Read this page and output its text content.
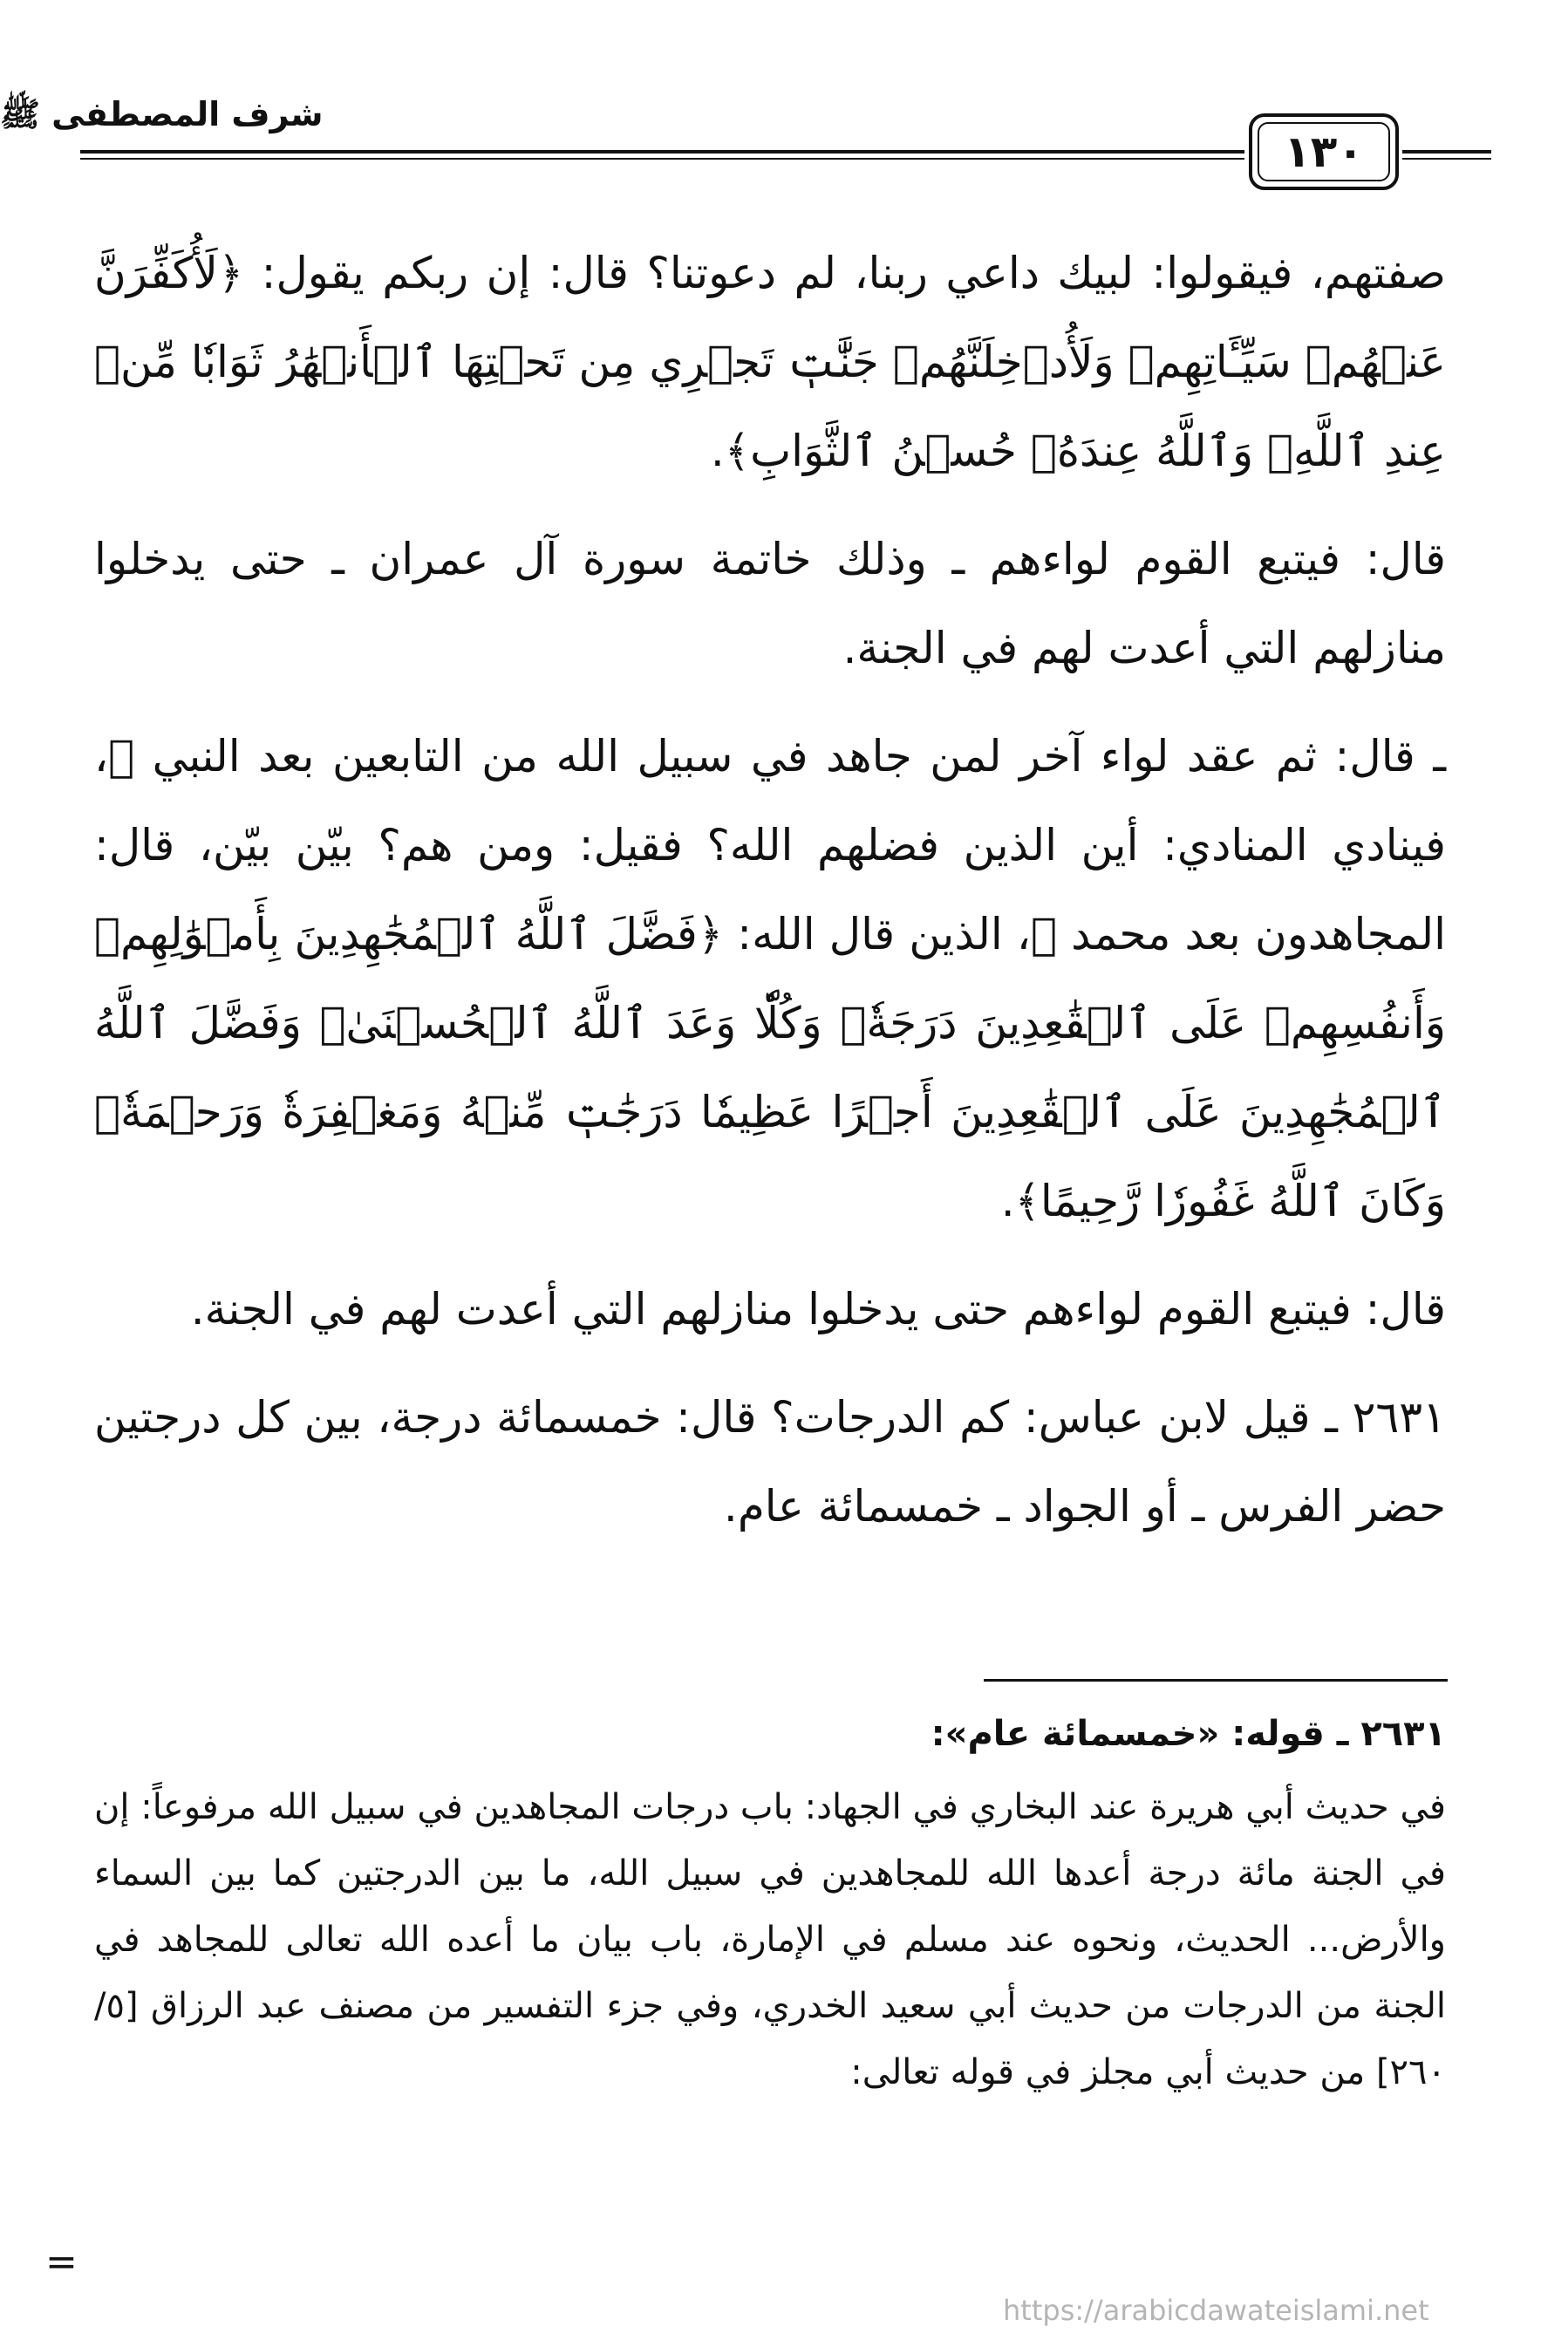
شرف المصطفى ﷺ
١٣٠

صفتهم، فيقولوا: لبيك داعي ربنا، لم دعوتنا؟ قال: إن ربكم يقول: ﴿لَأُكَفِّرَنَّ عَنۡهُمۡ سَيِّـَٔاتِهِمۡ وَلَأُدۡخِلَنَّهُمۡ جَنَّٰتٖ تَجۡرِي مِن تَحۡتِهَا ٱلۡأَنۡهَٰرُ ثَوَابٗا مِّنۡ عِندِ ٱللَّهِۚ وَٱللَّهُ عِندَهُۥ حُسۡنُ ٱلثَّوَابِ﴾.

قال: فيتبع القوم لواءهم ـ وذلك خاتمة سورة آل عمران ـ حتى يدخلوا منازلهم التي أعدت لهم في الجنة.

ـ قال: ثم عقد لواء آخر لمن جاهد في سبيل الله من التابعين بعد النبي ﷺ، فينادي المنادي: أين الذين فضلهم الله؟ فقيل: ومن هم؟ بيّن بيّن، قال: المجاهدون بعد محمد ﷺ، الذين قال الله: ﴿فَضَّلَ ٱللَّهُ ٱلۡمُجَٰهِدِينَ بِأَمۡوَٰلِهِمۡ وَأَنفُسِهِمۡ عَلَى ٱلۡقَٰعِدِينَ دَرَجَةٗۚ وَكُلّٗا وَعَدَ ٱللَّهُ ٱلۡحُسۡنَىٰۚ وَفَضَّلَ ٱللَّهُ ٱلۡمُجَٰهِدِينَ عَلَى ٱلۡقَٰعِدِينَ أَجۡرًا عَظِيمٗا دَرَجَٰتٖ مِّنۡهُ وَمَغۡفِرَةٗ وَرَحۡمَةٗۚ وَكَانَ ٱللَّهُ غَفُورٗا رَّحِيمًا﴾.

قال: فيتبع القوم لواءهم حتى يدخلوا منازلهم التي أعدت لهم في الجنة.

٢٦٣١ ـ قيل لابن عباس: كم الدرجات؟ قال: خمسمائة درجة، بين كل درجتين حضر الفرس ـ أو الجواد ـ خمسمائة عام.

٢٦٣١ ـ قوله: «خمسمائة عام»:

في حديث أبي هريرة عند البخاري في الجهاد: باب درجات المجاهدين في سبيل الله مرفوعاً: إن في الجنة مائة درجة أعدها الله للمجاهدين في سبيل الله، ما بين الدرجتين كما بين السماء والأرض... الحديث، ونحوه عند مسلم في الإمارة، باب بيان ما أعده الله تعالى للمجاهد في الجنة من الدرجات من حديث أبي سعيد الخدري، وفي جزء التفسير من مصنف عبد الرزاق [٥/ ٢٦٠] من حديث أبي مجلز في قوله تعالى:

=
https://arabicdawateislami.net
